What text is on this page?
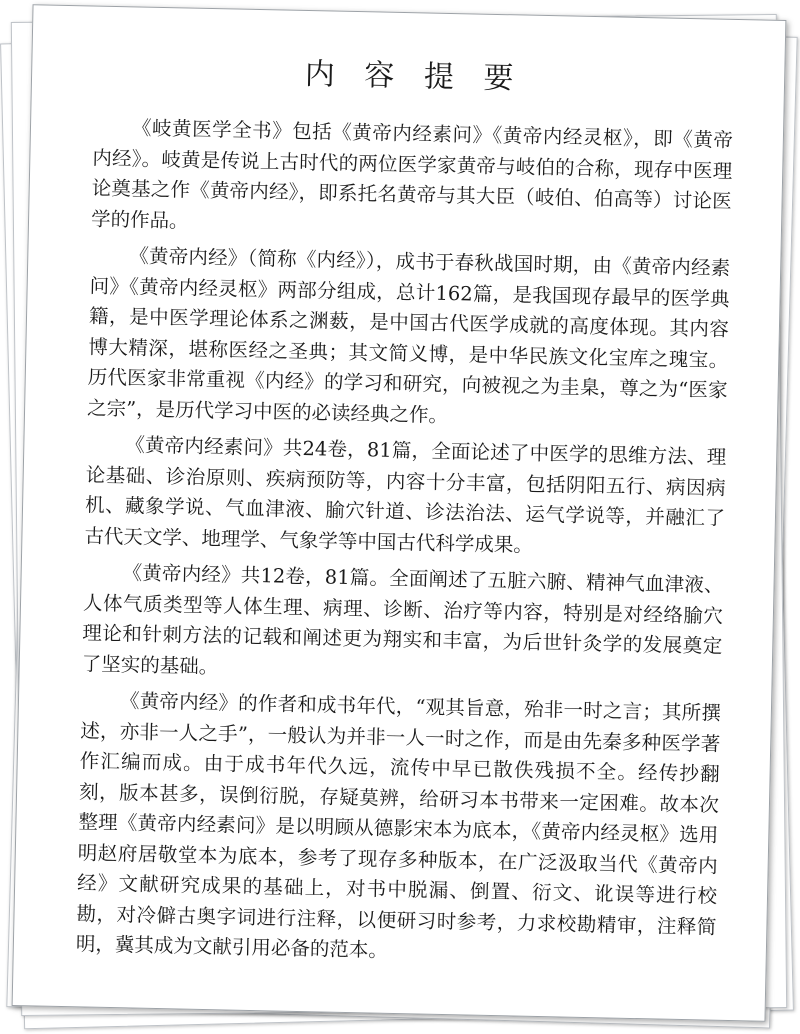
内 容 提 要

《岐黄医学全书》包括《黄帝内经素问》《黄帝内经灵枢》，即《黄帝内经》。岐黄是传说上古时代的两位医学家黄帝与岐伯的合称，现存中医理论奠基之作《黄帝内经》，即系托名黄帝与其大臣（岐伯、伯高等）讨论医学的作品。

《黄帝内经》（简称《内经》），成书于春秋战国时期，由《黄帝内经素问》《黄帝内经灵枢》两部分组成，总计162篇，是我国现存最早的医学典籍，是中医学理论体系之渊薮，是中国古代医学成就的高度体现。其内容博大精深，堪称医经之圣典；其文简义博，是中华民族文化宝库之瑰宝。历代医家非常重视《内经》的学习和研究，向被视之为圭臬，尊之为“医家之宗”，是历代学习中医的必读经典之作。

《黄帝内经素问》共24卷，81篇，全面论述了中医学的思维方法、理论基础、诊治原则、疾病预防等，内容十分丰富，包括阴阳五行、病因病机、藏象学说、气血津液、腧穴针道、诊法治法、运气学说等，并融汇了古代天文学、地理学、气象学等中国古代科学成果。

《黄帝内经》共12卷，81篇。全面阐述了五脏六腑、精神气血津液、人体气质类型等人体生理、病理、诊断、治疗等内容，特别是对经络腧穴理论和针刺方法的记载和阐述更为翔实和丰富，为后世针灸学的发展奠定了坚实的基础。

《黄帝内经》的作者和成书年代，“观其旨意，殆非一时之言；其所撰述，亦非一人之手”，一般认为并非一人一时之作，而是由先秦多种医学著作汇编而成。由于成书年代久远，流传中早已散佚残损不全。经传抄翻刻，版本甚多，误倒衍脱，存疑莫辨，给研习本书带来一定困难。故本次整理《黄帝内经素问》是以明顾从德影宋本为底本，《黄帝内经灵枢》选用明赵府居敬堂本为底本，参考了现存多种版本，在广泛汲取当代《黄帝内经》文献研究成果的基础上，对书中脱漏、倒置、衍文、讹误等进行校勘，对冷僻古奥字词进行注释，以便研习时参考，力求校勘精审，注释简明，冀其成为文献引用必备的范本。
